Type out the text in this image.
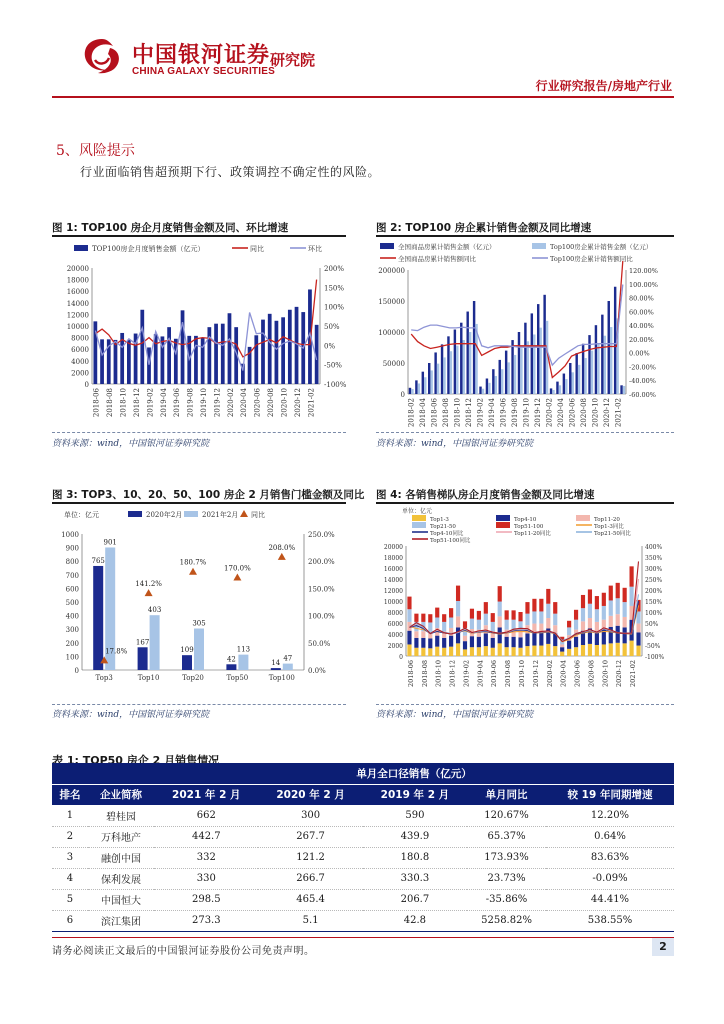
中国银河证券
CHINA GALAXY SECURITIES
研究院
行业研究报告/房地产行业
5、风险提示
行业面临销售超预期下行、政策调控不确定性的风险。
图 1: TOP100 房企月度销售金额及同、环比增速
TOP100房企月度销售金额（亿元）	同比	环比
0
2000
4000
6000
8000
10000
12000
14000
16000
18000
20000
-100%
-50%
0%
50%
100%
150%
200%
2018-06 2018-08 2018-10 2018-12 2019-02 2019-04 2019-06 2019-08 2019-10 2019-12 2020-02 2020-04 2020-06 2020-08 2020-10 2020-12 2021-02
资料来源：wind，中国银河证券研究院
图 2: TOP100 房企累计销售金额及同比增速
全国商品房累计销售金额（亿元）	Top100房企累计销售金额（亿元）
全国商品房累计销售额同比	Top100房企累计销售额同比
0
50000
100000
150000
200000
-60.00%
-40.00%
-20.00%
0.00%
20.00%
40.00%
60.00%
80.00%
100.00%
120.00%
2018-02 2018-04 2018-06 2018-08 2018-10 2018-12 2019-02 2019-04 2019-06 2019-08 2019-10 2019-12 2020-02 2020-04 2020-06 2020-08 2020-10 2020-12 2021-02
资料来源：wind，中国银河证券研究院
图 3: TOP3、10、20、50、100 房企 2 月销售门槛金额及同比
单位：亿元	2020年2月	2021年2月 同比
0
100
200
300
400
500
600
700
800
900
1000
0.0%
50.0%
100.0%
150.0%
200.0%
250.0%
765
901
17.8%
Top3
167
403
141.2%
Top10
109
305
180.7%
Top20
42
113
170.0%
Top50
14
47
208.0%
Top100
资料来源：wind，中国银河证券研究院
图 4: 各销售梯队房企月度销售金额及同比增速
单位：亿元
Top1-3	Top4-10	Top11-20
Top21-50	Top51-100	Top1-3同比
Top4-10同比	Top11-20同比	Top21-50同比
Top51-100同比
0
2000
4000
6000
8000
10000
12000
14000
16000
18000
20000
-100%
-50%
0%
50%
100%
150%
200%
250%
300%
350%
400%
2018-06 2018-08 2018-10 2018-12 2019-02 2019-04 2019-06 2019-08 2019-10 2019-12 2020-02 2020-04 2020-06 2020-08 2020-10 2020-12 2021-02
资料来源：wind，中国银河证券研究院
表 1: TOP50 房企 2 月销售情况
		单月全口径销售（亿元）				
排名	企业简称	2021 年 2 月	2020 年 2 月	2019 年 2 月	单月同比	较 19 年同期增速
1	碧桂园	662	300	590	120.67%	12.20%
2	万科地产	442.7	267.7	439.9	65.37%	0.64%
3	融创中国	332	121.2	180.8	173.93%	83.63%
4	保利发展	330	266.7	330.3	23.73%	-0.09%
5	中国恒大	298.5	465.4	206.7	-35.86%	44.41%
6	滨江集团	273.3	5.1	42.8	5258.82%	538.55%
请务必阅读正文最后的中国银河证券股份公司免责声明。	2
